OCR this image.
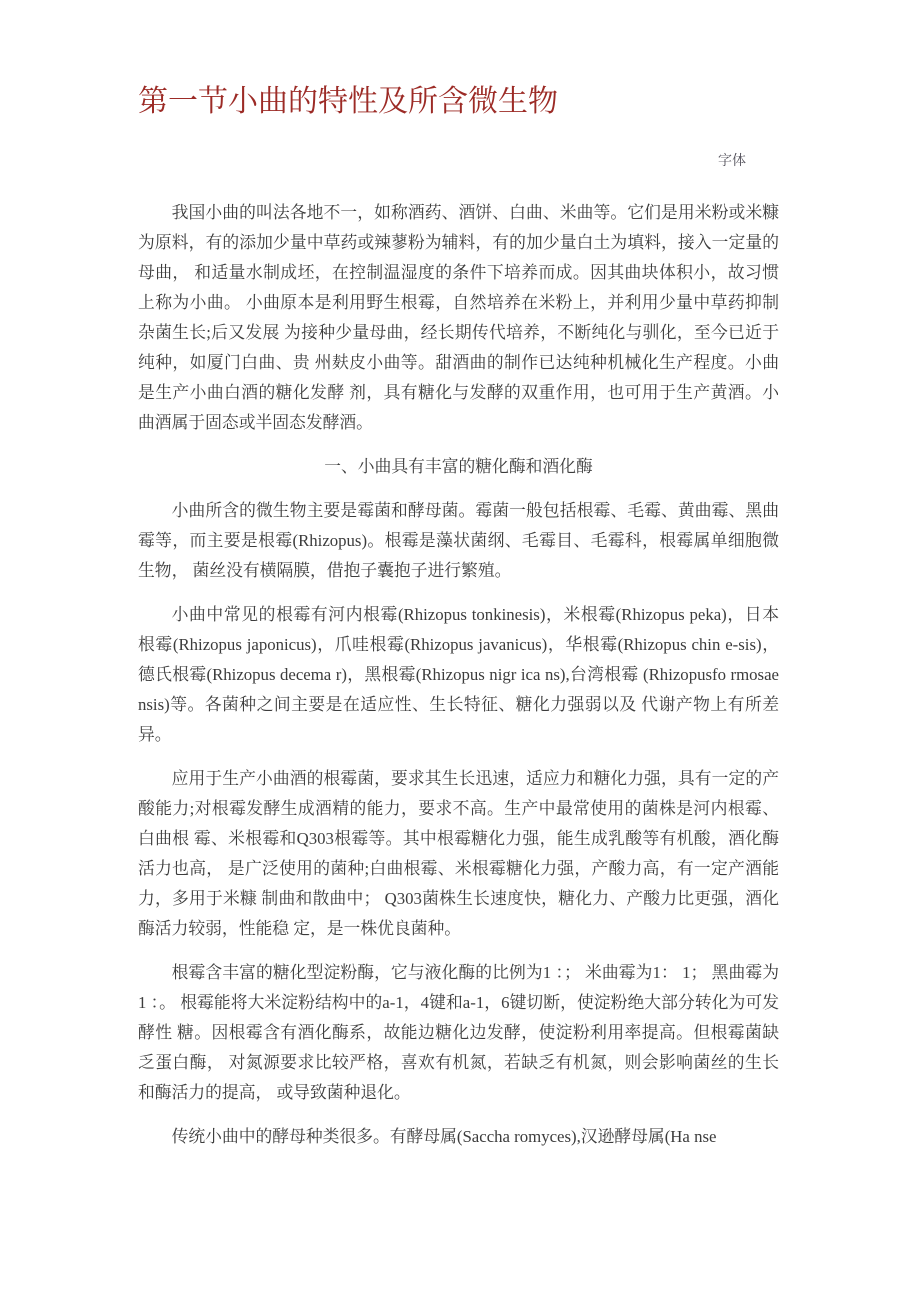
第一节小曲的特性及所含微生物

我国小曲的叫法各地不一，如称酒药、酒饼、白曲、米曲等。它们是用米粉或米糠为原料，有的添加少量中草药或辣蓼粉为辅料，有的加少量白土为填料，接入一定量的母曲， 和适量水制成坯，在控制温湿度的条件下培养而成。因其曲块体积小，故习惯上称为小曲。 小曲原本是利用野生根霉，自然培养在米粉上，并利用少量中草药抑制杂菌生长;后又发展 为接种少量母曲，经长期传代培养，不断纯化与驯化，至今已近于纯种，如厦门白曲、贵 州麸皮小曲等。甜酒曲的制作已达纯种机械化生产程度。小曲是生产小曲白酒的糖化发酵 剂，具有糖化与发酵的双重作用，也可用于生产黄酒。小曲酒属于固态或半固态发酵酒。

一、小曲具有丰富的糖化酶和酒化酶

小曲所含的微生物主要是霉菌和酵母菌。霉菌一般包括根霉、毛霉、黄曲霉、黑曲霉等，而主要是根霉(Rhizopus)。根霉是藻状菌纲、毛霉目、毛霉科，根霉属单细胞微生物， 菌丝没有横隔膜，借抱子囊抱子进行繁殖。

小曲中常见的根霉有河内根霉(Rhizopus tonkinesis)，米根霉(Rhizopus peka)，日本根霉(Rhizopus japonicus)，爪哇根霉(Rhizopus javanicus)，华根霉(Rhizopus chin e-sis)，德氏根霉(Rhizopus decema r)，黑根霉(Rhizopus nigr ica ns),台湾根霉 (Rhizopusfo rmosae nsis)等。各菌种之间主要是在适应性、生长特征、糖化力强弱以及 代谢产物上有所差异。

应用于生产小曲酒的根霉菌，要求其生长迅速，适应力和糖化力强，具有一定的产酸能力;对根霉发酵生成酒精的能力，要求不高。生产中最常使用的菌株是河内根霉、白曲根 霉、米根霉和Q303根霉等。其中根霉糖化力强，能生成乳酸等有机酸，酒化酶活力也高， 是广泛使用的菌种;白曲根霉、米根霉糖化力强，产酸力高，有一定产酒能力，多用于米糠 制曲和散曲中； Q303菌株生长速度快，糖化力、产酸力比更强，酒化酶活力较弱，性能稳 定，是一株优良菌种。

根霉含丰富的糖化型淀粉酶，它与液化酶的比例为1 ：； 米曲霉为1： 1； 黑曲霉为1 ：。 根霉能将大米淀粉结构中的a-1，4键和a-1，6键切断，使淀粉绝大部分转化为可发酵性 糖。因根霉含有酒化酶系，故能边糖化边发酵，使淀粉利用率提高。但根霉菌缺乏蛋白酶， 对氮源要求比较严格，喜欢有机氮，若缺乏有机氮，则会影响菌丝的生长和酶活力的提高， 或导致菌种退化。

传统小曲中的酵母种类很多。有酵母属(Saccha romyces),汉逊酵母属(Ha nse

字体
